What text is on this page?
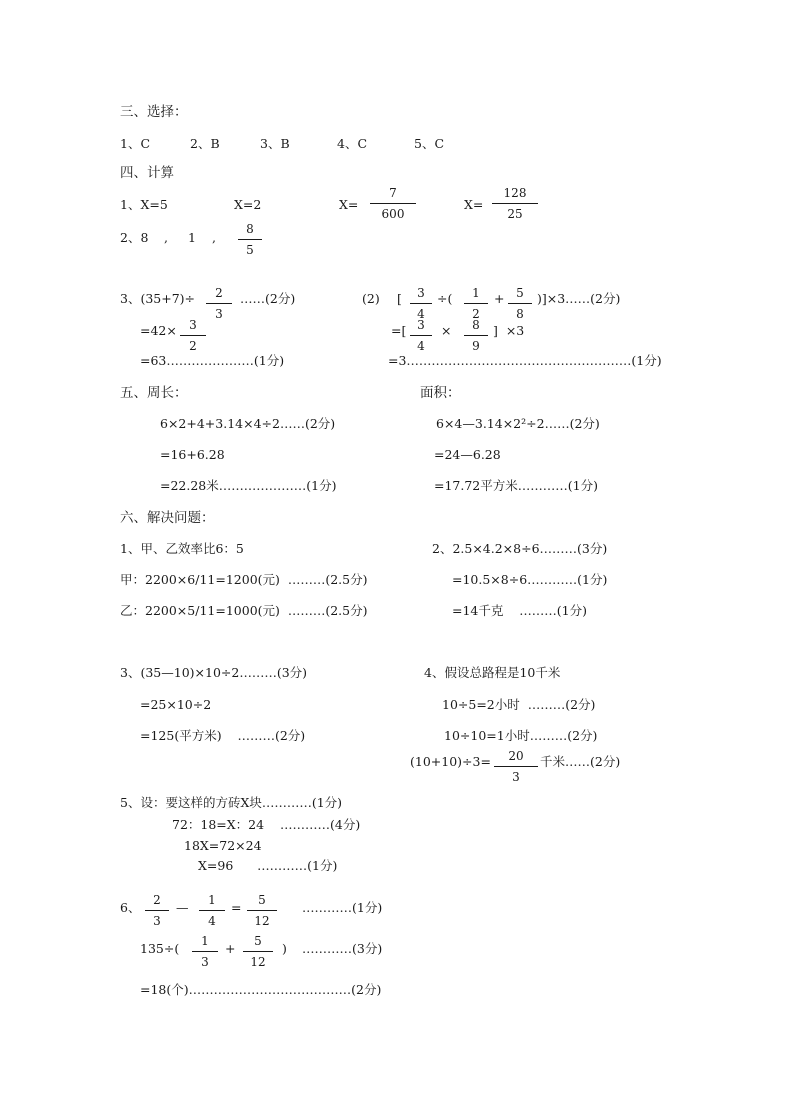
三、选择：
1、C	2、B	3、B	4、C	5、C
四、计算
1、X=5	X=2	X=
7
600
X=
128
25
2、8 , 1 ,
8
5
3、(35+7)÷	2
3
……(2分)
=42×	3
2
=63…………………(1分)
(2) [	3
4
÷(	1
2
+ 5
8
)]×3……(2分)
=[ 3
4
×	8
9
]  ×3
=3………………………………………………(1分)
五、周长：	面积：
6×2+4+3.14×4÷2……(2分)
=16+6.28
=22.28米…………………(1分)
6×4—3.14×2²÷2……(2分)
=24—6.28
=17.72平方米…………(1分)
六、解决问题：
1、甲、乙效率比6：5
甲：2200×6/11=1200(元)  ………(2.5分)
乙：2200×5/11=1000(元)  ………(2.5分)
2、2.5×4.2×8÷6………(3分)
=10.5×8÷6…………(1分)
=14千克    ………(1分)
3、(35—10)×10÷2………(3分)
=25×10÷2
=125(平方米)    ………(2分)
4、假设总路程是10千米
10÷5=2小时  ………(2分)
10÷10=1小时………(2分)
(10+10)÷3=	20
3
千米……(2分)
5、设：要这样的方砖X块…………(1分)
72：18=X：24    …………(4分)
18X=72×24
X=96      …………(1分)
6、	2
3
—	1
4
=	5
12
…………(1分)
135÷(	1
3
+	5
12
) …………(3分)
=18(个)…………………………………(2分)
